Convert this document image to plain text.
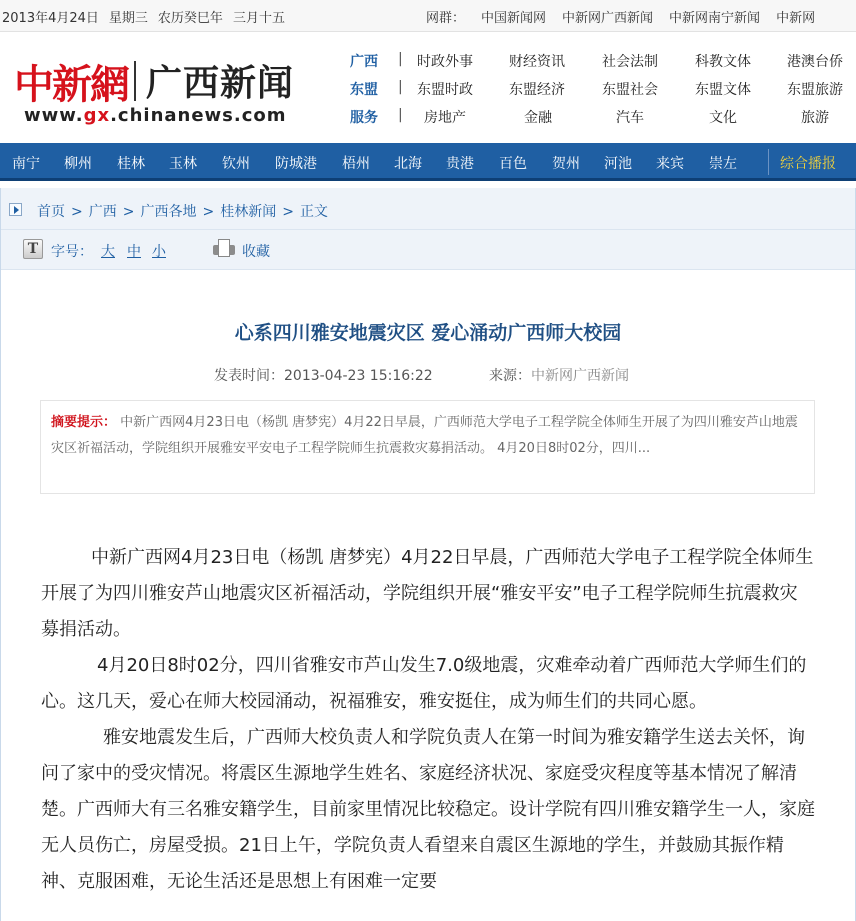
2013年4月24日 星期三 农历癸巳年 三月十五	网群： 中国新闻网 中新网广西新闻 中新网南宁新闻 中新网
中新網 广西新闻
www.gx.chinanews.com
广西 | 时政外事	财经资讯	社会法制	科教文体	港澳台侨
东盟 | 东盟时政	东盟经济	东盟社会	东盟文体	东盟旅游
服务 | 房地产	金融	汽车	文化	旅游
南宁 柳州 桂林 玉林 钦州 防城港 梧州 北海 贵港 百色 贺州 河池 来宾 崇左	综合播报
首页 > 广西 > 广西各地 > 桂林新闻 > 正文
T 字号： 大 中 小	收藏
心系四川雅安地震灾区 爱心涌动广西师大校园
发表时间：2013-04-23 15:16:22	来源：中新网广西新闻
摘要提示： 中新广西网4月23日电（杨凯 唐梦宪）4月22日早晨，广西师范大学电子工程学院全体师生开展了为四川雅安芦山地震灾区祈福活动，学院组织开展雅安平安电子工程学院师生抗震救灾募捐活动。 4月20日8时02分，四川...

中新广西网4月23日电（杨凯 唐梦宪）4月22日早晨，广西师范大学电子工程学院全体师生开展了为四川雅安芦山地震灾区祈福活动，学院组织开展“雅安平安”电子工程学院师生抗震救灾募捐活动。

4月20日8时02分，四川省雅安市芦山发生7.0级地震，灾难牵动着广西师范大学师生们的心。这几天，爱心在师大校园涌动，祝福雅安，雅安挺住，成为师生们的共同心愿。

雅安地震发生后，广西师大校负责人和学院负责人在第一时间为雅安籍学生送去关怀，询问了家中的受灾情况。将震区生源地学生姓名、家庭经济状况、家庭受灾程度等基本情况了解清楚。广西师大有三名雅安籍学生，目前家里情况比较稳定。设计学院有四川雅安籍学生一人，家庭无人员伤亡，房屋受损。21日上午，学院负责人看望来自震区生源地的学生，并鼓励其振作精神、克服困难，无论生活还是思想上有困难一定要
